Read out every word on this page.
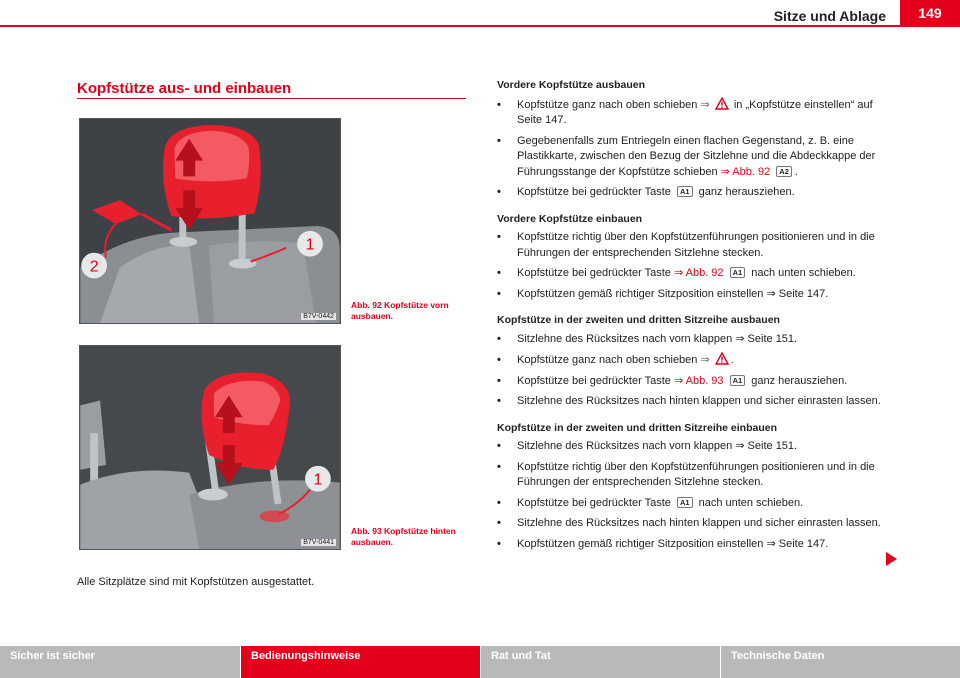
Sitze und Ablage	149
Kopfstütze aus- und einbauen
1
2
B7V-0442
Abb. 92 Kopfstütze vorn ausbauen.
1
B7V-0441
Abb. 93 Kopfstütze hinten ausbauen.
Alle Sitzplätze sind mit Kopfstützen ausgestattet.
Vordere Kopfstütze ausbauen
• Kopfstütze ganz nach oben schieben ⇒ in „Kopfstütze einstellen“ auf Seite 147.
• Gegebenenfalls zum Entriegeln einen flachen Gegenstand, z. B. eine Plastikkarte, zwischen den Bezug der Sitzlehne und die Abdeckkappe der Führungsstange der Kopfstütze schieben ⇒ Abb. 92 A2 .
• Kopfstütze bei gedrückter Taste A1 ganz herausziehen.
Vordere Kopfstütze einbauen
• Kopfstütze richtig über den Kopfstützenführungen positionieren und in die Führungen der entsprechenden Sitzlehne stecken.
• Kopfstütze bei gedrückter Taste ⇒ Abb. 92 A1 nach unten schieben.
• Kopfstützen gemäß richtiger Sitzposition einstellen ⇒ Seite 147.
Kopfstütze in der zweiten und dritten Sitzreihe ausbauen
• Sitzlehne des Rücksitzes nach vorn klappen ⇒ Seite 151.
• Kopfstütze ganz nach oben schieben ⇒ .
• Kopfstütze bei gedrückter Taste ⇒ Abb. 93 A1 ganz herausziehen.
• Sitzlehne des Rücksitzes nach hinten klappen und sicher einrasten lassen.
Kopfstütze in der zweiten und dritten Sitzreihe einbauen
• Sitzlehne des Rücksitzes nach vorn klappen ⇒ Seite 151.
• Kopfstütze richtig über den Kopfstützenführungen positionieren und in die Führungen der entsprechenden Sitzlehne stecken.
• Kopfstütze bei gedrückter Taste A1 nach unten schieben.
• Sitzlehne des Rücksitzes nach hinten klappen und sicher einrasten lassen.
• Kopfstützen gemäß richtiger Sitzposition einstellen ⇒ Seite 147.
Sicher ist sicher	Bedienungshinweise	Rat und Tat	Technische Daten
